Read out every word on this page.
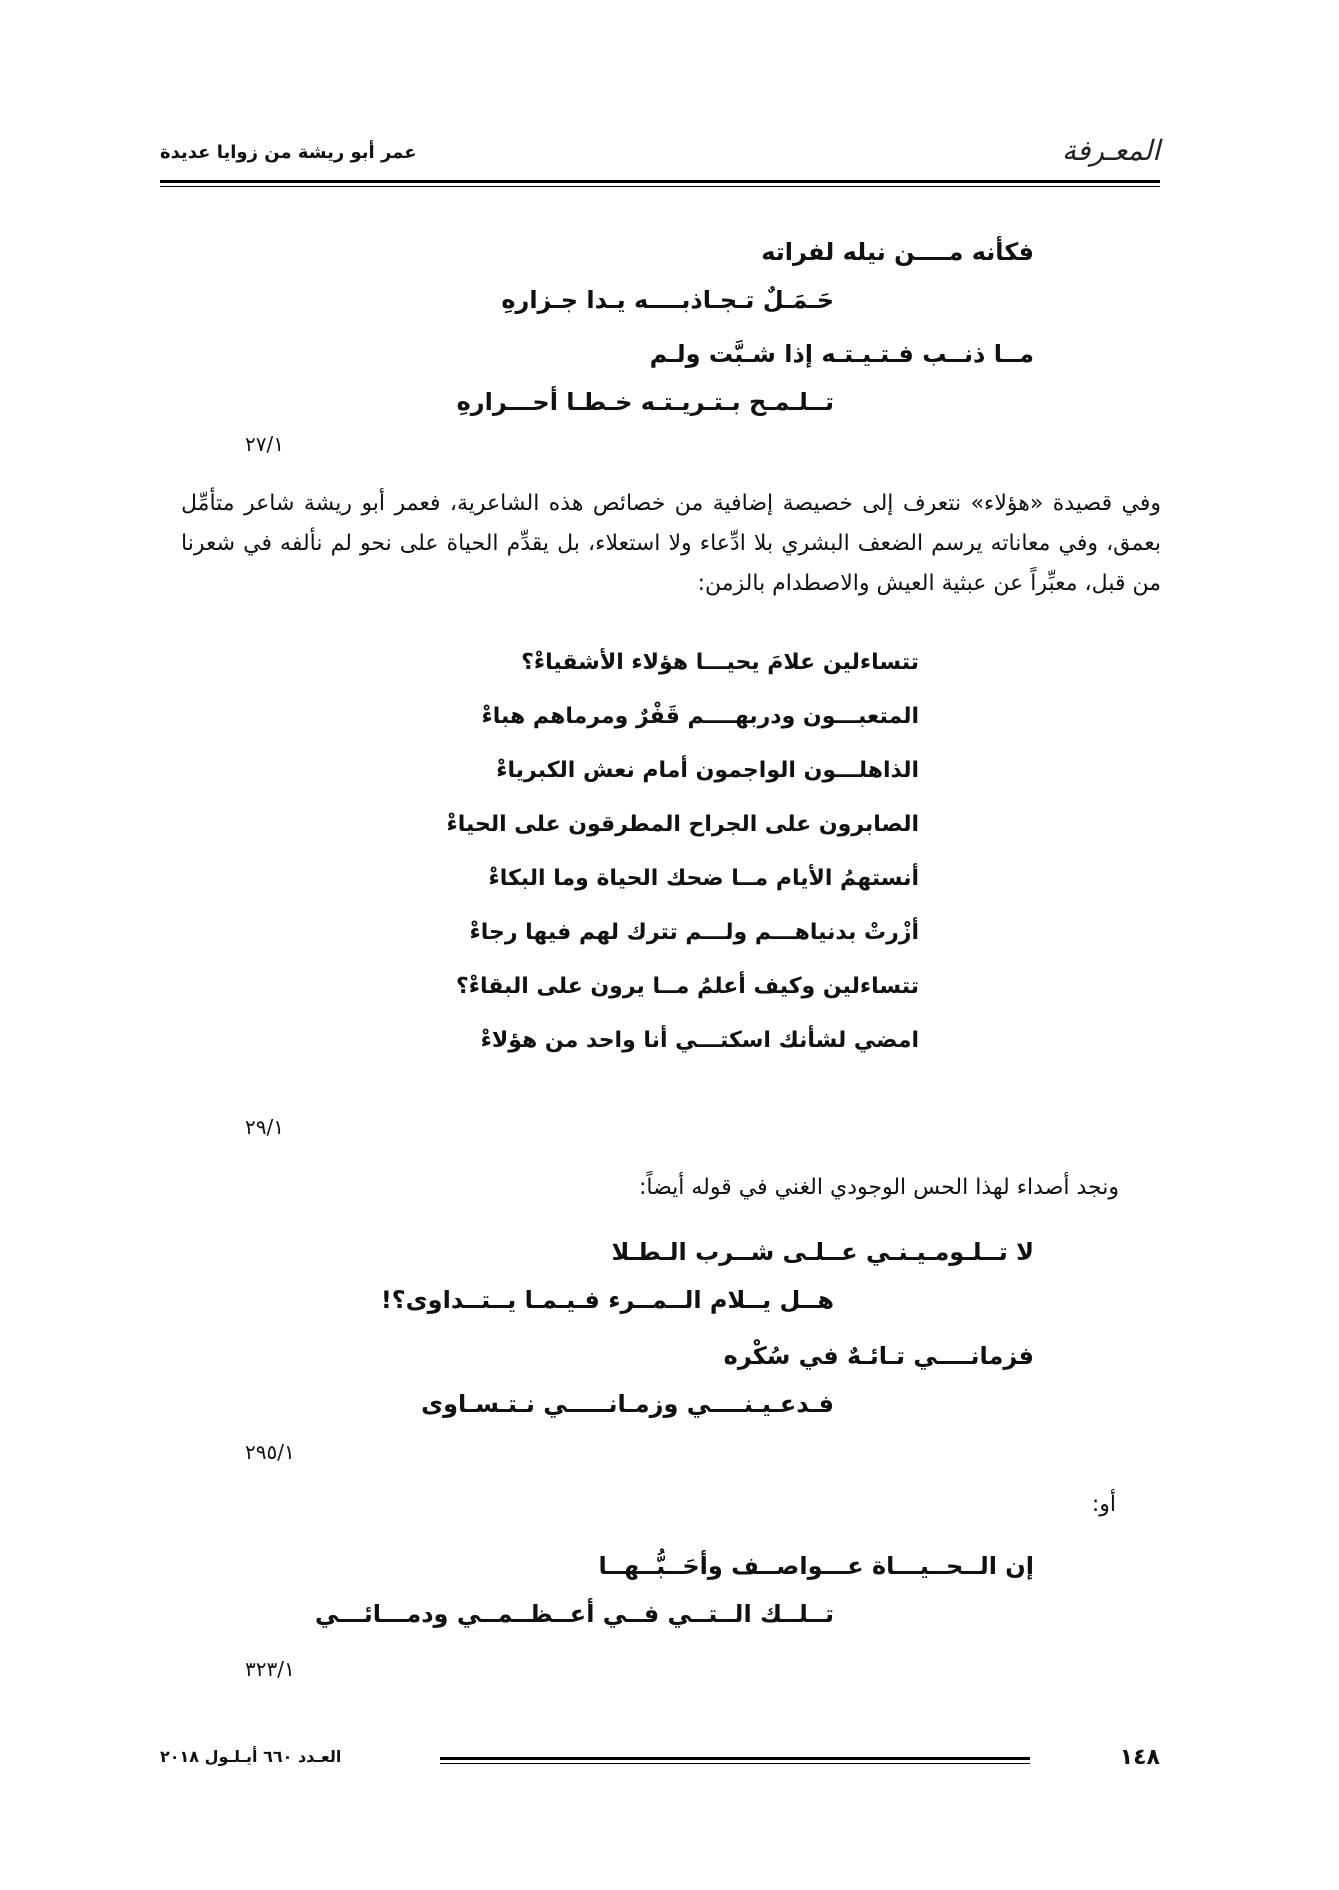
المعـرفة
عمر أبو ريشة من زوايا عديدة
فكأنه مــــن نيله لفراته
حَـمَـلٌ تـجـاذبــــه يـدا جـزارهِ
مــا ذنــب فـتـيـتـه إذا شـبَّت ولـم
تــلـمـح بـتـريـتـه خـطـا أحـــرارهِ
٢٧/١
وفي قصيدة «هؤلاء» نتعرف إلى خصيصة إضافية من خصائص هذه الشاعرية، فعمر أبو ريشة شاعر متأمِّل بعمق، وفي معاناته يرسم الضعف البشري بلا ادِّعاء ولا استعلاء، بل يقدِّم الحياة على نحو لم نألفه في شعرنا من قبل، معبِّراً عن عبثية العيش والاصطدام بالزمن:
تتساءلين علامَ يحيـــا هؤلاء الأشقياءْ؟
المتعبـــون ودربهــــم قَفْرٌ ومرماهم هباءْ
الذاهلـــون الواجمون أمام نعش الكبرياءْ
الصابرون على الجراح المطرقون على الحياءْ
أنستهمُ الأيام مــا ضحك الحياة وما البكاءْ
أزْرتْ بدنياهـــم ولـــم تترك لهم فيها رجاءْ
تتساءلين وكيف أعلمُ مــا يرون على البقاءْ؟
امضي لشأنك اسكتـــي أنا واحد من هؤلاءْ
٢٩/١
ونجد أصداء لهذا الحس الوجودي الغني في قوله أيضاً:
لا تــلـومـيـنـي عــلـى شــرب الـطـلا
هــل يــلام الــمــرء فـيـمـا يــتــداوى؟!
فزمانــــي تـائـهٌ في سُكْره
فـدعـيـنــــي وزمـانـــــي نـتـسـاوى
٢٩٥/١
أو:
إن الــحــيـــاة عـــواصــف وأحَــبُّــهــا
تــلــك الــتــي فــي أعــظــمــي ودمـــائـــي
٣٢٣/١
١٤٨
العـدد ٦٦٠ أيـلـول ٢٠١٨
